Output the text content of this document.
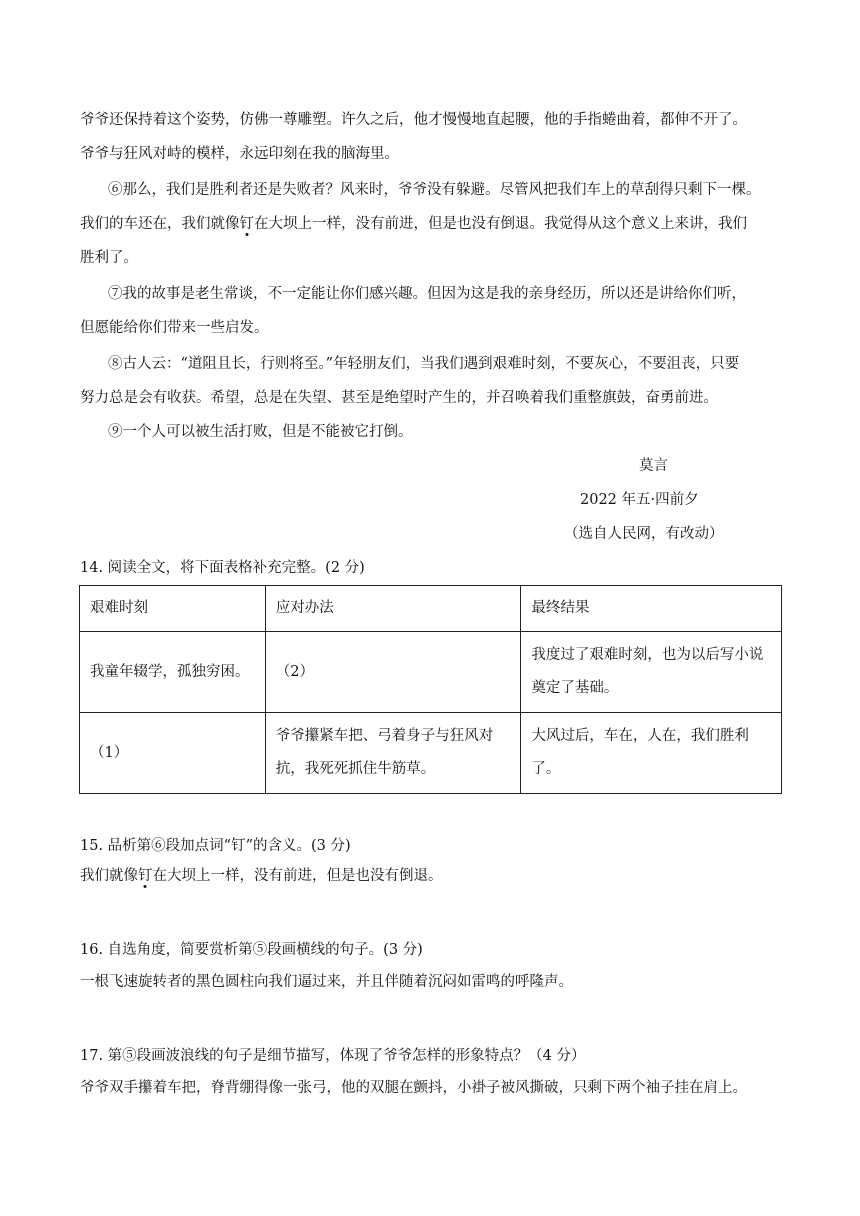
爷爷还保持着这个姿势，仿佛一尊雕塑。许久之后，他才慢慢地直起腰，他的手指蜷曲着，都伸不开了。
爷爷与狂风对峙的模样，永远印刻在我的脑海里。
⑥那么，我们是胜利者还是失败者？风来时，爷爷没有躲避。尽管风把我们车上的草刮得只剩下一棵。
我们的车还在，我们就像钉在大坝上一样，没有前进，但是也没有倒退。我觉得从这个意义上来讲，我们
胜利了。
⑦我的故事是老生常谈，不一定能让你们感兴趣。但因为这是我的亲身经历，所以还是讲给你们听，
但愿能给你们带来一些启发。
⑧古人云：“道阻且长，行则将至。”年轻朋友们，当我们遇到艰难时刻，不要灰心，不要沮丧，只要
努力总是会有收获。希望，总是在失望、甚至是绝望时产生的，并召唤着我们重整旗鼓，奋勇前进。
⑨一个人可以被生活打败，但是不能被它打倒。
莫言
2022 年五·四前夕
（选自人民网，有改动）
14. 阅读全文，将下面表格补充完整。(2 分)
艰难时刻	应对办法	最终结果
我童年辍学，孤独穷困。	（2）	我度过了艰难时刻，也为以后写小说
奠定了基础。

（1）	爷爷攥紧车把、弓着身子与狂风对
抗，我死死抓住牛筋草。	大风过后，车在，人在，我们胜利了。
15. 品析第⑥段加点词“钉”的含义。(3 分)
我们就像钉在大坝上一样，没有前进，但是也没有倒退。
16. 自选角度，简要赏析第⑤段画横线的句子。(3 分)
一根飞速旋转者的黑色圆柱向我们逼过来，并且伴随着沉闷如雷鸣的呼隆声。
17. 第⑤段画波浪线的句子是细节描写，体现了爷爷怎样的形象特点？（4 分）
爷爷双手攥着车把，脊背绷得像一张弓，他的双腿在颤抖，小褂子被风撕破，只剩下两个袖子挂在肩上。
